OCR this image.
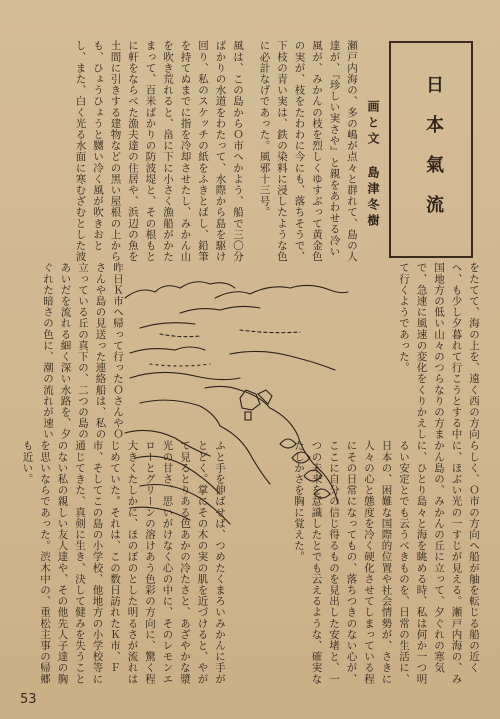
瀬戸内海の、多の嶋が点々と群れて、島の人達が、『珍しい実さや』と親をあわせる冷い風が、みかんの枝を烈しくゆすぶって黄金色の実が、枝をたわわに今にも、落ちそうで、下枝の青い実は、鉄の染料に浸したような色に必計なげであった。風邪十三号。
風は、この島からＯ市へかよう、船で三〇分ばかりの水道をわたって、水際から島を駆け回り、私のスケッチの紙をふきとばし、鉛筆を持てぬまでに指を冷却させたし、みかん山を吹き荒れると、畠に下に小さく漁船がかたまって、百米ばかりの防波堤と、その根もとに軒をならべた漁夫達の住居や、浜辺の魚を土間に引きする建物などの黒い屋根の上からも、ひょうひょうと嬲い冷く風が吹きおとし、また、白く光る水面に寒むざむとした波	日本氣流
画と文 島津冬樹
をたてて、海の上を、遠く西の方向へ、も少し夕暮れて行こうとする中国地方の低い山々のつらなりの方まで、急速に風速の変化をくりかえして行くようであった。
昨日Ｋ市へ帰って行ったＯさんやＯさんや島の見送った連絡船は、私の立っている丘の真下の、二つの島のあいだを流れる細く深い水路を、夕ぐれた暗さの色に、潮の流れが速い
らしく、Ｏ市の方向へ船が舳を転じる船の近くに、ほぶい光の一すじが見える。瀬戸内海の、みかん島の、みかんの丘に立って、夕ぐれの寒気に、ひとり島々と海を眺める時、私は何か一つ明るい安定とでも云うべきものを、日常の生活に、日本の、困難な国際的位置や社会情勢が、さきに人々の心と態度を冷く硬化させてしまっている程にその日常になってもの、落ちつきのない心が、ここに自分の信じ得るものを見出した安堵と、一つの未来を意識したとでも云えるような、確実なたしかさを胸に覚えた。
ふと手を伸ばせば、つめたくまろいみかんに手がとどく。掌にその木の実の肌を近づけると、やがて見るとりある色あかの冷たさと、あざやかな漿光の甘さ、思いがけなく心の中に、そのレモンエローとグリーンの溶けあう色彩の方向に、驚く程大きくたしかに、ほのぼのとした明るさが流れはじめていた。それは、この数日訪れたＫ市、Ｆ市、そしてこの島の小学校、他地方の小学校等に通じてきた、真剣に生き、決して健みを失うことのない私の親しい友人達や、その他先人子達の胸を思いならであった。渋木中の、重松主事の帰郷も近い。
53
